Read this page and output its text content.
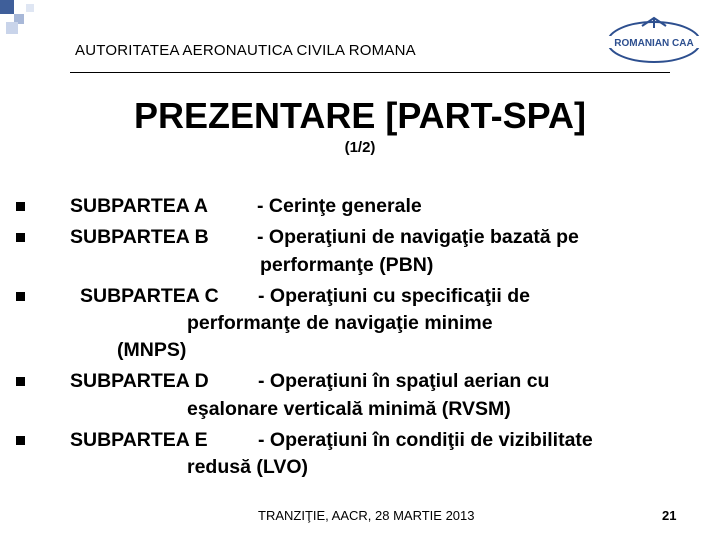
AUTORITATEA AERONAUTICA CIVILA ROMANA	ROMANIAN CAA
PREZENTARE [PART-SPA]
(1/2)
SUBPARTEA A	- Cerinţe generale
SUBPARTEA B - Operaţiuni de navigaţie bazată pe
performanţe (PBN)
SUBPARTEA C - Operaţiuni cu specificaţii de
performanţe de navigaţie minime
(MNPS)
SUBPARTEA D	- Operaţiuni în spaţiul aerian cu
eşalonare verticală minimă (RVSM)
SUBPARTEA E	- Operaţiuni în condiţii de vizibilitate
redusă (LVO)
TRANZIŢIE, AACR, 28 MARTIE 2013	21
